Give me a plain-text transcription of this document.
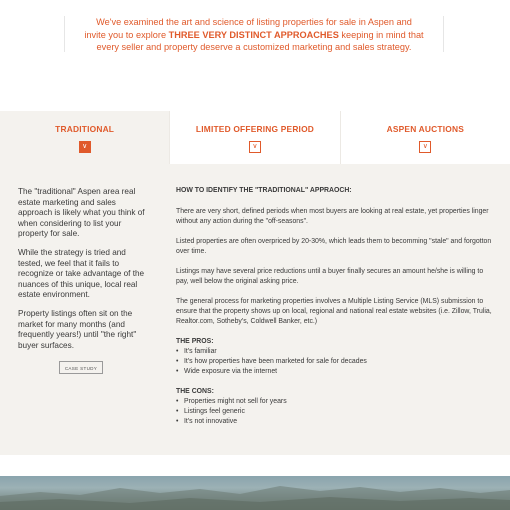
We've examined the art and science of listing properties for sale in Aspen and
invite you to explore THREE VERY DISTINCT APPROACHES keeping in mind that
every seller and property deserve a customized marketing and sales strategy.
TRADITIONAL
∨
LIMITED OFFERING PERIOD
∨
ASPEN AUCTIONS
∨

The "traditional" Aspen area real estate marketing and sales approach is likely what you think of when considering to list your property for sale.

While the strategy is tried and tested, we feel that it fails to recognize or take advantage of the nuances of this unique, local real estate environment.

Property listings often sit on the market for many months (and frequently years!) until "the right" buyer surfaces.

CASE STUDY
HOW TO IDENTIFY THE "TRADITIONAL" APPRAOCH:

There are very short, defined periods when most buyers are looking at real estate, yet properties linger without any action during the "off-seasons".

Listed properties are often overpriced by 20-30%, which leads them to becomming "stale" and forgotton over time.

Listings may have several price reductions until a buyer finally secures an amount he/she is willing to pay, well below the original asking price.

The general process for marketing properties involves a Multiple Listing Service (MLS) submission to ensure that the property shows up on local, regional and national real estate websites (i.e. Zillow, Trulia, Realtor.com, Sotheby's, Coldwell Banker, etc.)

THE PROS:
• It's familiar
• It's how properties have been marketed for sale for decades
• Wide exposure via the internet
THE CONS:
• Properties might not sell for years
• Listings feel generic
• It's not innovative
